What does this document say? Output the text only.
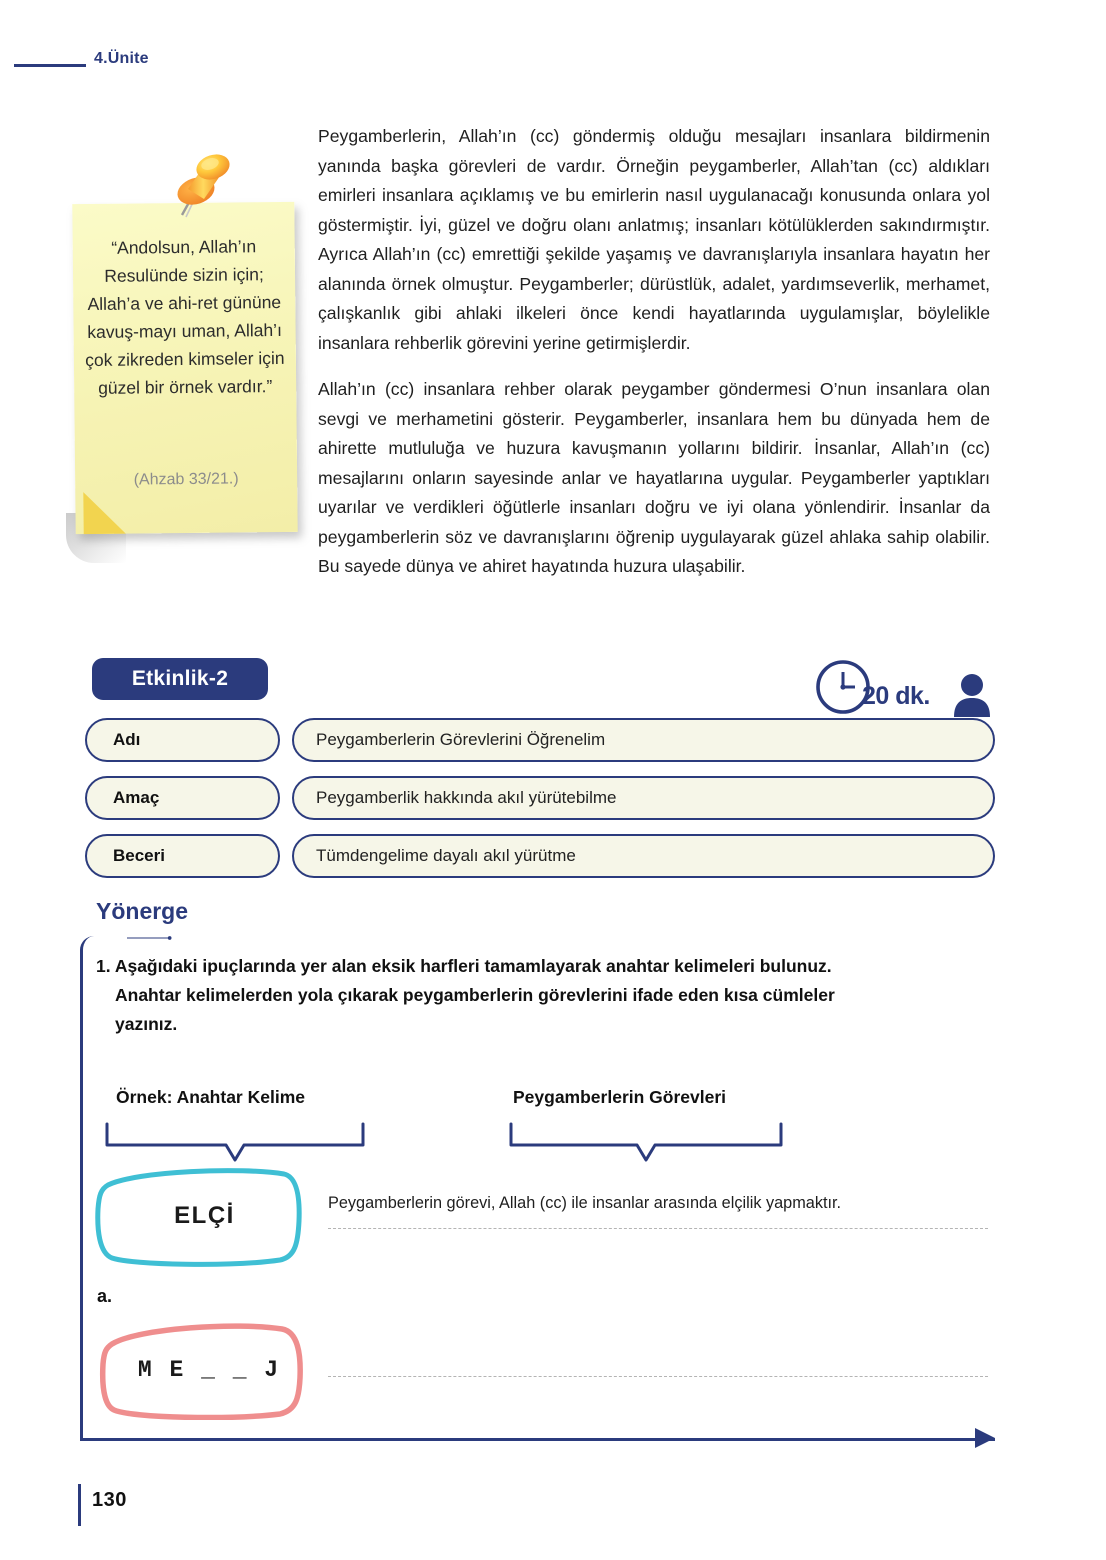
4.Ünite
“Andolsun, Allah’ın Resulünde sizin için; Allah’a ve ahi-ret gününe kavuş-mayı uman, Allah’ı çok zikreden kimseler için güzel bir örnek vardır.”
(Ahzab 33/21.)

Peygamberlerin, Allah’ın (cc) göndermiş olduğu mesajları insanlara bildirmenin yanında başka görevleri de vardır. Örneğin peygamberler, Allah’tan (cc) aldıkları emirleri insanlara açıklamış ve bu emirlerin nasıl uygulanacağı konusunda onlara yol göstermiştir. İyi, güzel ve doğru olanı anlatmış; insanları kötülüklerden sakındırmıştır. Ayrıca Allah’ın (cc) emrettiği şekilde yaşamış ve davranışlarıyla insanlara hayatın her alanında örnek olmuştur. Peygamberler; dürüstlük, adalet, yardımseverlik, merhamet, çalışkanlık gibi ahlaki ilkeleri önce kendi hayatlarında uygulamışlar, böylelikle insanlara rehberlik görevini yerine getirmişlerdir.

Allah’ın (cc) insanlara rehber olarak peygamber göndermesi O’nun insanlara olan sevgi ve merhametini gösterir. Peygamberler, insanlara hem bu dünyada hem de ahirette mutluluğa ve huzura kavuşmanın yollarını bildirir. İnsanlar, Allah’ın (cc) mesajlarını onların sayesinde anlar ve hayatlarına uygular. Peygamberler yaptıkları uyarılar ve verdikleri öğütlerle insanları doğru ve iyi olana yönlendirir. İnsanlar da peygamberlerin söz ve davranışlarını öğrenip uygulayarak güzel ahlaka sahip olabilir. Bu sayede dünya ve ahiret hayatında huzura ulaşabilir.

Etkinlik-2
20 dk.
Adı	Peygamberlerin Görevlerini Öğrenelim
Amaç	Peygamberlik hakkında akıl yürütebilme
Beceri	Tümdengelime dayalı akıl yürütme
Yönerge
1. Aşağıdaki ipuçlarında yer alan eksik harfleri tamamlayarak anahtar kelimeleri bulunuz.
Anahtar kelimelerden yola çıkarak peygamberlerin görevlerini ifade eden kısa cümleler
yazınız.
Örnek: Anahtar Kelime	Peygamberlerin Görevleri
ELÇİ	Peygamberlerin görevi, Allah (cc) ile insanlar arasında elçilik yapmaktır.
a.
M E _ _ J
130
